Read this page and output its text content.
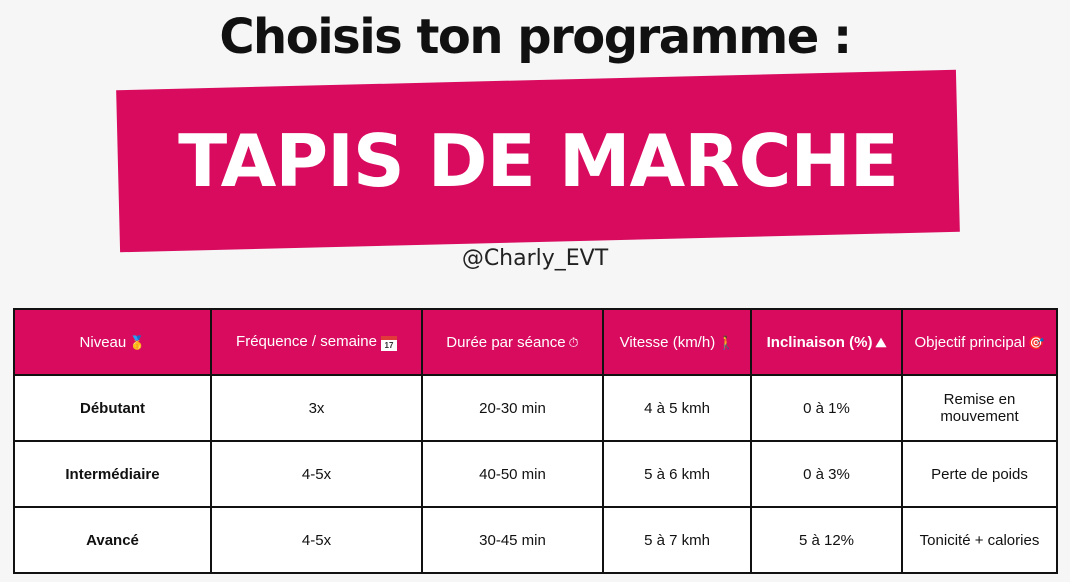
Choisis ton programme :
TAPIS DE MARCHE
@Charly_EVT
Niveau 🥇	Fréquence / semaine 17	Durée par séance ⏱	Vitesse (km/h) 🚶	Inclinaison (%) ⛰	Objectif principal 🎯
Débutant	3x	20-30 min	4 à 5 kmh	0 à 1%	Remise en mouvement
Intermédiaire	4-5x	40-50 min	5 à 6 kmh	0 à 3%	Perte de poids
Avancé	4-5x	30-45 min	5 à 7 kmh	5 à 12%	Tonicité + calories
